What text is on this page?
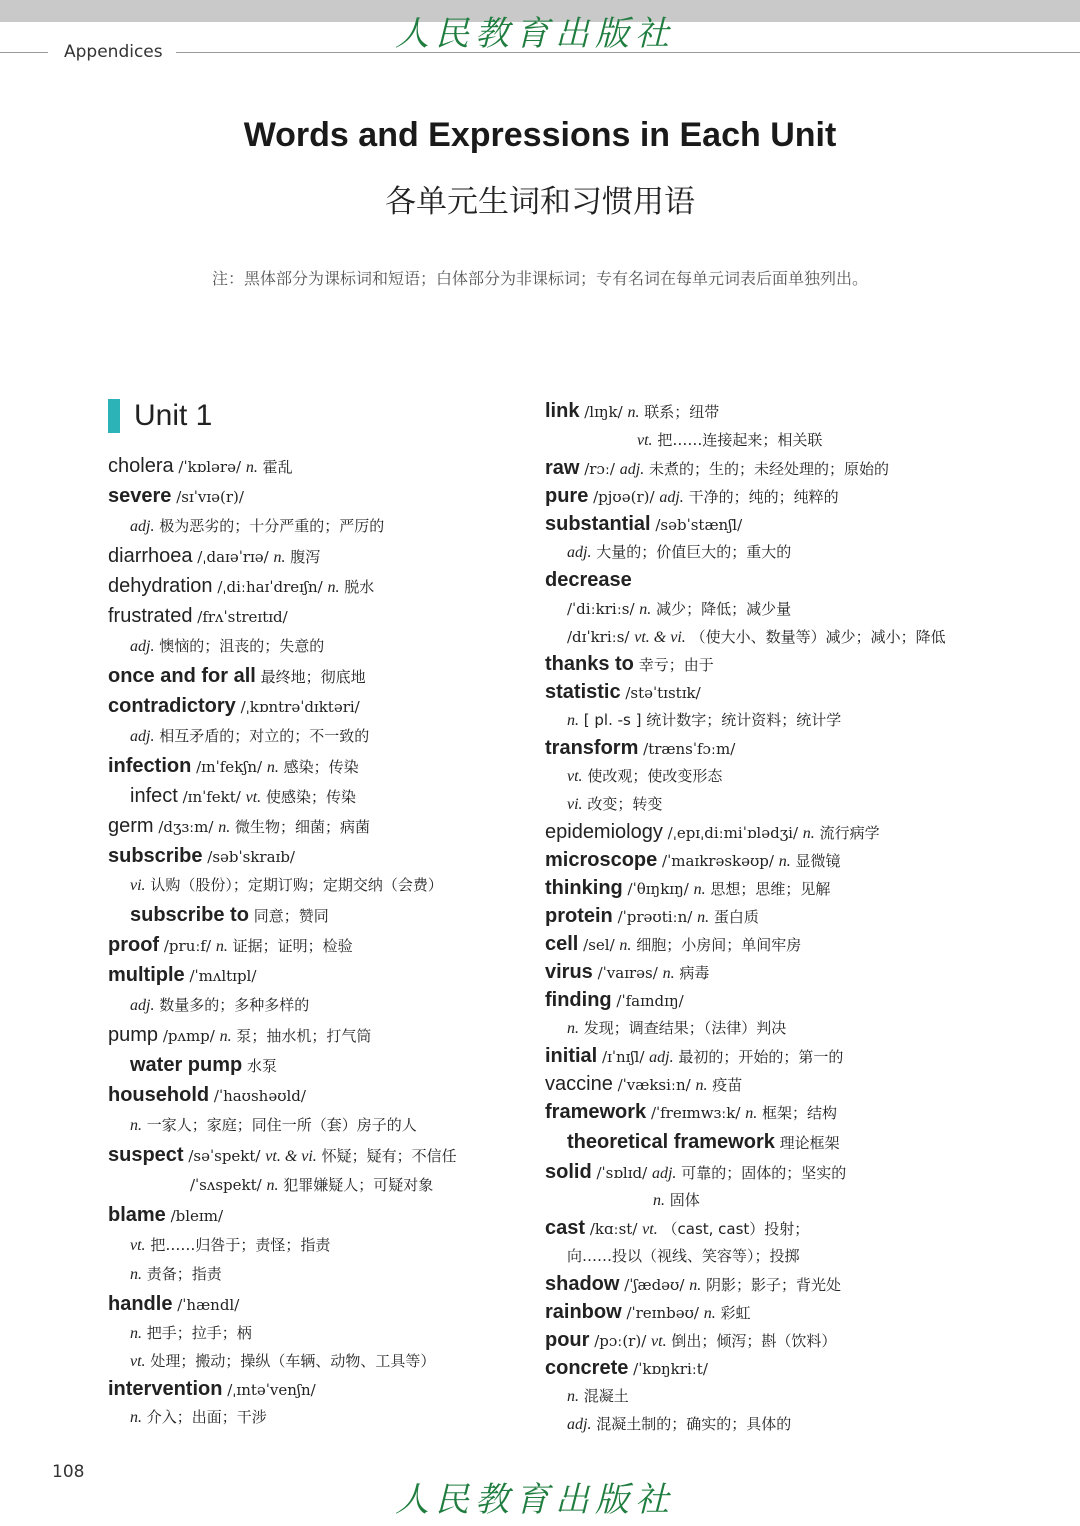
Appendices	人民教育出版社
Words and Expressions in Each Unit
各单元生词和习惯用语
注：黑体部分为课标词和短语；白体部分为非课标词；专有名词在每单元词表后面单独列出。
Unit 1
cholera /ˈkɒlərə/ n. 霍乱
severe /sɪˈvɪə(r)/
adj. 极为恶劣的；十分严重的；严厉的
diarrhoea /ˌdaɪəˈrɪə/ n. 腹泻
dehydration /ˌdiːhaɪˈdreɪʃn/ n. 脱水
frustrated /frʌˈstreɪtɪd/
adj. 懊恼的；沮丧的；失意的
once and for all 最终地；彻底地
contradictory /ˌkɒntrəˈdɪktəri/
adj. 相互矛盾的；对立的；不一致的
infection /ɪnˈfekʃn/ n. 感染；传染
infect /ɪnˈfekt/ vt. 使感染；传染
germ /dʒɜːm/ n. 微生物；细菌；病菌
subscribe /səbˈskraɪb/
vi. 认购（股份）；定期订购；定期交纳（会费）
subscribe to 同意；赞同
proof /pruːf/ n. 证据；证明；检验
multiple /ˈmʌltɪpl/
adj. 数量多的；多种多样的
pump /pʌmp/ n. 泵；抽水机；打气筒
water pump 水泵
household /ˈhaʊshəʊld/
n. 一家人；家庭；同住一所（套）房子的人
suspect /səˈspekt/ vt. & vi. 怀疑；疑有；不信任
/ˈsʌspekt/ n. 犯罪嫌疑人；可疑对象
blame /bleɪm/
vt. 把……归咎于；责怪；指责
n. 责备；指责
handle /ˈhændl/
n. 把手；拉手；柄
vt. 处理；搬动；操纵（车辆、动物、工具等）
intervention /ˌɪntəˈvenʃn/
n. 介入；出面；干涉
link /lɪŋk/ n. 联系；纽带
vt. 把……连接起来；相关联
raw /rɔː/ adj. 未煮的；生的；未经处理的；原始的
pure /pjʊə(r)/ adj. 干净的；纯的；纯粹的
substantial /səbˈstænʃl/
adj. 大量的；价值巨大的；重大的
decrease
/ˈdiːkriːs/ n. 减少；降低；减少量
/dɪˈkriːs/ vt. & vi. （使大小、数量等）减少；减小；降低
thanks to 幸亏；由于
statistic /stəˈtɪstɪk/
n. [ pl. -s ] 统计数字；统计资料；统计学
transform /trænsˈfɔːm/
vt. 使改观；使改变形态
vi. 改变；转变
epidemiology /ˌepɪˌdiːmiˈɒlədʒi/ n. 流行病学
microscope /ˈmaɪkrəskəʊp/ n. 显微镜
thinking /ˈθɪŋkɪŋ/ n. 思想；思维；见解
protein /ˈprəʊtiːn/ n. 蛋白质
cell /sel/ n. 细胞；小房间；单间牢房
virus /ˈvaɪrəs/ n. 病毒
finding /ˈfaɪndɪŋ/
n. 发现；调查结果；（法律）判决
initial /ɪˈnɪʃl/ adj. 最初的；开始的；第一的
vaccine /ˈvæksiːn/ n. 疫苗
framework /ˈfreɪmwɜːk/ n. 框架；结构
theoretical framework 理论框架
solid /ˈsɒlɪd/ adj. 可靠的；固体的；坚实的
n. 固体
cast /kɑːst/ vt. （cast, cast）投射；
向……投以（视线、笑容等）；投掷
shadow /ˈʃædəʊ/ n. 阴影；影子；背光处
rainbow /ˈreɪnbəʊ/ n. 彩虹
pour /pɔː(r)/ vt. 倒出；倾泻；斟（饮料）
concrete /ˈkɒŋkriːt/
n. 混凝土
adj. 混凝土制的；确实的；具体的
108
人民教育出版社
